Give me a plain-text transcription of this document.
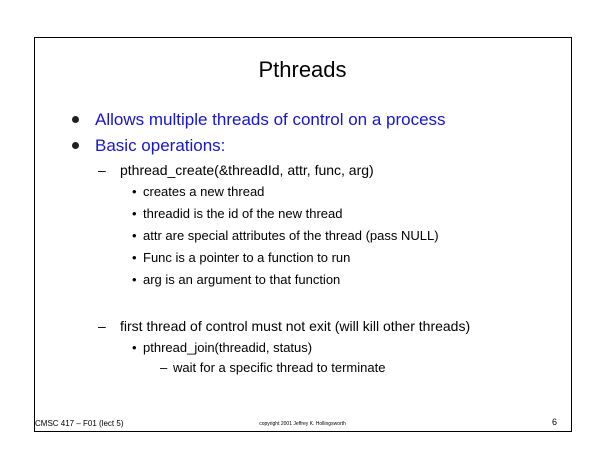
Pthreads
Allows multiple threads of control on a process
Basic operations:
– pthread_create(&threadId, attr, func, arg)
• creates a new thread
• threadid is the id of the new thread
• attr are special attributes of the thread (pass NULL)
• Func is a pointer to a function to run
• arg is an argument to that function
– first thread of control must not exit (will kill other threads)
• pthread_join(threadid, status)
– wait for a specific thread to terminate
CMSC 417 – F01 (lect 5)	copyright 2001 Jeffrey K. Hollingsworth	6
